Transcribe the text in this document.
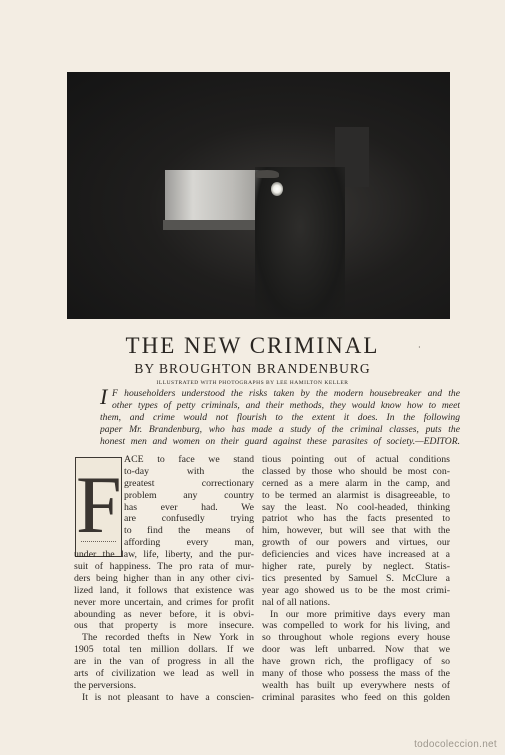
THE NEW CRIMINAL	·
BY BROUGHTON BRANDENBURG
ILLUSTRATED WITH PHOTOGRAPHS BY LEE HAMILTON KELLER
I F householders understood the risks taken by the modern housebreaker and the
other types of petty criminals, and their methods, they would know how to meet
them, and crime would not flourish to the extent it does. In the following
paper Mr. Brandenburg, who has made a study of the criminal classes, puts the
honest men and women on their guard against these parasites of society.—EDITOR.
F ACE to face we stand
to-day with the
greatest correctionary
problem any country
has ever had. We
are confusedly trying
to find the means of
affording every man,
under the law, life, liberty, and the pur-
suit of happiness. The pro rata of mur-
ders being higher than in any other civi-
lized land, it follows that existence was
never more uncertain, and crimes for profit
abounding as never before, it is obvi-
ous that property is more insecure.
The recorded thefts in New York in
1905 total ten million dollars. If we
are in the van of progress in all the
arts of civilization we lead as well in
the perversions.
It is not pleasant to have a conscien-
tious pointing out of actual conditions
classed by those who should be most con-
cerned as a mere alarm in the camp, and
to be termed an alarmist is disagreeable, to
say the least. No cool-headed, thinking
patriot who has the facts presented to
him, however, but will see that with the
growth of our powers and virtues, our
deficiencies and vices have increased at a
higher rate, purely by neglect. Statis-
tics presented by Samuel S. McClure a
year ago showed us to be the most crimi-
nal of all nations.
In our more primitive days every man
was compelled to work for his living, and
so throughout whole regions every house
door was left unbarred. Now that we
have grown rich, the profligacy of so
many of those who possess the mass of the
wealth has built up everywhere nests of
criminal parasites who feed on this golden
todocoleccion.net
